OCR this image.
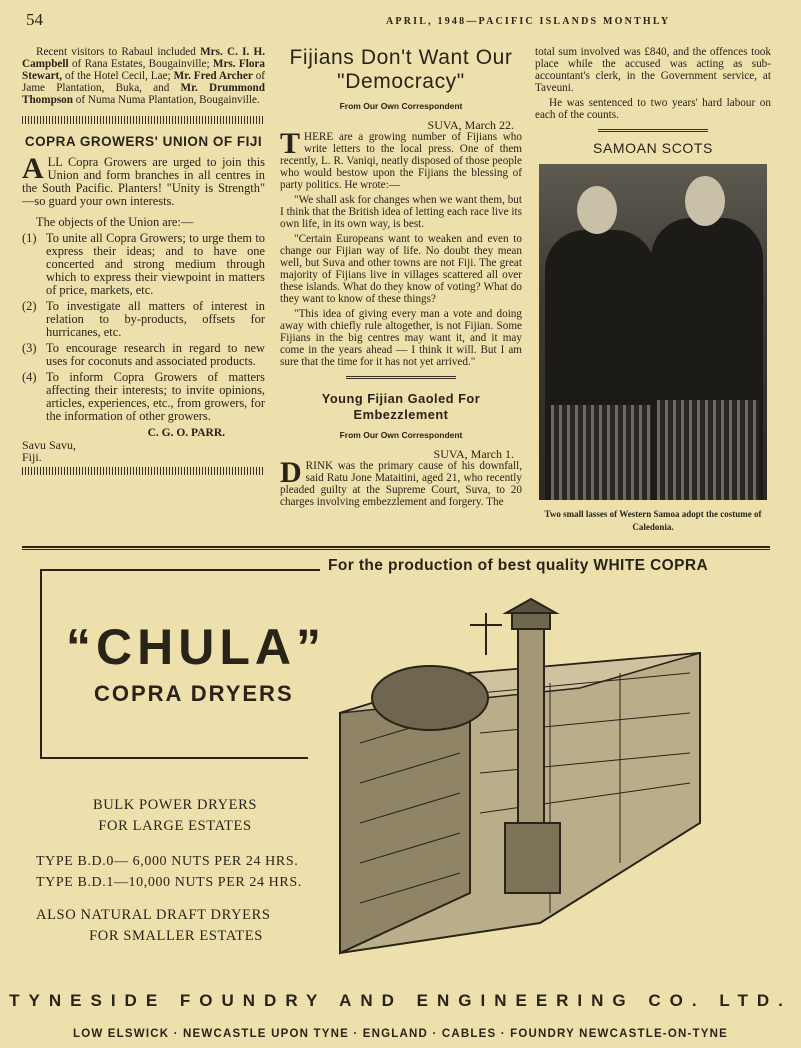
54	APRIL, 1948—PACIFIC ISLANDS MONTHLY

Recent visitors to Rabaul included Mrs. C. I. H. Campbell of Rana Estates, Bougainville; Mrs. Flora Stewart, of the Hotel Cecil, Lae; Mr. Fred Archer of Jame Plantation, Buka, and Mr. Drummond Thompson of Numa Numa Plantation, Bougainville.

COPRA GROWERS' UNION OF FIJI

A LL Copra Growers are urged to join this Union and form branches in all centres in the South Pacific. Planters! "Unity is Strength" —so guard your own interests.

The objects of the Union are:—

(1) To unite all Copra Growers; to urge them to express their ideas; and to have one concerted and strong medium through which to express their viewpoint in matters of price, markets, etc.
(2) To investigate all matters of interest in relation to by-products, offsets for hurricanes, etc.
(3) To encourage research in regard to new uses for coconuts and associated products.
(4) To inform Copra Growers of matters affecting their interests; to invite opinions, articles, experiences, etc., from growers, for the information of other growers.

C. G. O. PARR.

Savu Savu,

Fiji.

Fijians Don't Want Our "Democracy"
From Our Own Correspondent
SUVA, March 22.

T HERE are a growing number of Fijians who write letters to the local press. One of them recently, L. R. Vaniqi, neatly disposed of those people who would bestow upon the Fijians the blessing of party politics. He wrote:—

"We shall ask for changes when we want them, but I think that the British idea of letting each race live its own life, in its own way, is best.

"Certain Europeans want to weaken and even to change our Fijian way of life. No doubt they mean well, but Suva and other towns are not Fiji. The great majority of Fijians live in villages scattered all over these islands. What do they know of voting? What do they want to know of these things?

"This idea of giving every man a vote and doing away with chiefly rule altogether, is not Fijian. Some Fijians in the big centres may want it, and it may come in the years ahead — I think it will. But I am sure that the time for it has not yet arrived."

Young Fijian Gaoled For Embezzlement
From Our Own Correspondent
SUVA, March 1.

D RINK was the primary cause of his downfall, said Ratu Jone Mataitini, aged 21, who recently pleaded guilty at the Supreme Court, Suva, to 20 charges involving embezzlement and forgery. The

total sum involved was £840, and the offences took place while the accused was acting as sub-accountant's clerk, in the Government service, at Taveuni.

He was sentenced to two years' hard labour on each of the counts.

SAMOAN SCOTS
Two small lasses of Western Samoa adopt the costume of Caledonia.
For the production of best quality WHITE COPRA
“CHULA”
COPRA DRYERS
BULK POWER DRYERS
FOR LARGE ESTATES
TYPE B.D.0— 6,000 NUTS PER 24 HRS.
TYPE B.D.1—10,000 NUTS PER 24 HRS.
ALSO NATURAL DRAFT DRYERS
FOR SMALLER ESTATES
TYNESIDE FOUNDRY AND ENGINEERING CO. LTD.
LOW ELSWICK · NEWCASTLE UPON TYNE · ENGLAND · CABLES · FOUNDRY NEWCASTLE-ON-TYNE
